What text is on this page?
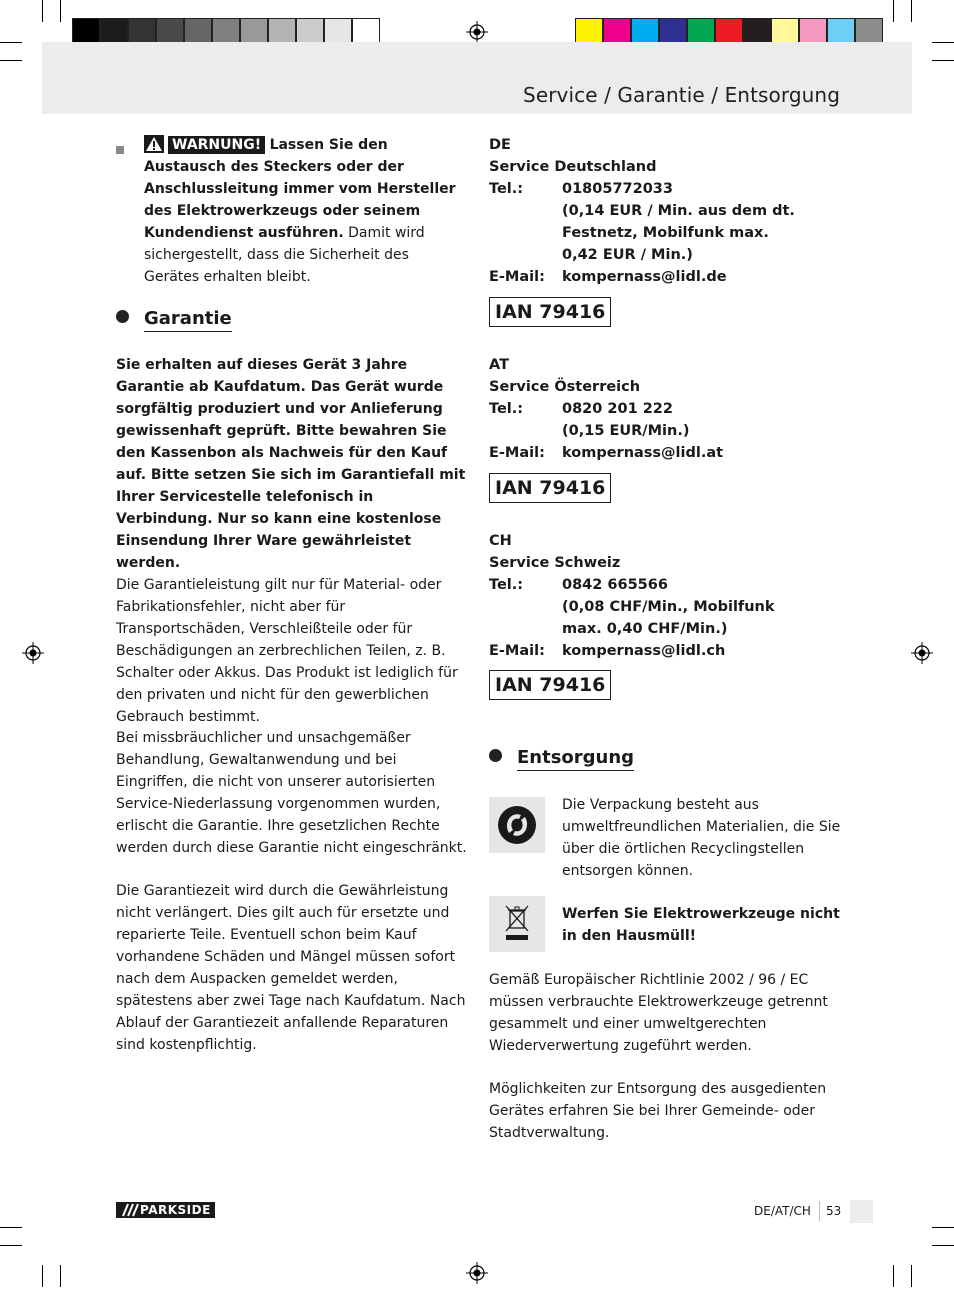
Service / Garantie / Entsorgung
WARNUNG! Lassen Sie den Austausch des Steckers oder der Anschlussleitung immer vom Hersteller des Elektrowerkzeugs oder seinem Kundendienst ausführen. Damit wird sichergestellt, dass die Sicherheit des Gerätes erhalten bleibt.
Garantie
Sie erhalten auf dieses Gerät 3 Jahre Garantie ab Kaufdatum. Das Gerät wurde sorgfältig produziert und vor Anlieferung gewissenhaft geprüft. Bitte bewahren Sie den Kassenbon als Nachweis für den Kauf auf. Bitte setzen Sie sich im Garantiefall mit Ihrer Servicestelle telefonisch in Verbindung. Nur so kann eine kostenlose Einsendung Ihrer Ware gewährleistet werden.
Die Garantieleistung gilt nur für Material- oder Fabrikationsfehler, nicht aber für Transportschäden, Verschleißteile oder für Beschädigungen an zerbrechlichen Teilen, z. B. Schalter oder Akkus. Das Produkt ist lediglich für den privaten und nicht für den gewerblichen Gebrauch bestimmt.
Bei missbräuchlicher und unsachgemäßer Behandlung, Gewaltanwendung und bei Eingriffen, die nicht von unserer autorisierten Service-Niederlassung vorgenommen wurden, erlischt die Garantie. Ihre gesetzlichen Rechte werden durch diese Garantie nicht eingeschränkt.
Die Garantiezeit wird durch die Gewährleistung nicht verlängert. Dies gilt auch für ersetzte und reparierte Teile. Eventuell schon beim Kauf vorhandene Schäden und Mängel müssen sofort nach dem Auspacken gemeldet werden, spätestens aber zwei Tage nach Kaufdatum. Nach Ablauf der Garantiezeit anfallende Reparaturen sind kostenpflichtig.
DE
Service Deutschland
Tel.:	01805772033
(0,14 EUR / Min. aus dem dt.
Festnetz, Mobilfunk max.
0,42 EUR / Min.)
E-Mail: kompernass@lidl.de
IAN 79416
AT
Service Österreich
Tel.:	0820 201 222
(0,15 EUR/Min.)
E-Mail: kompernass@lidl.at
IAN 79416
CH
Service Schweiz
Tel.:	0842 665566
(0,08 CHF/Min., Mobilfunk
max. 0,40 CHF/Min.)
E-Mail: kompernass@lidl.ch
IAN 79416
Entsorgung
Die Verpackung besteht aus umweltfreundlichen Materialien, die Sie über die örtlichen Recyclingstellen entsorgen können.
Werfen Sie Elektrowerkzeuge nicht in den Hausmüll!
Gemäß Europäischer Richtlinie 2002 / 96 / EC müssen verbrauchte Elektrowerkzeuge getrennt gesammelt und einer umweltgerechten Wiederverwertung zugeführt werden.
Möglichkeiten zur Entsorgung des ausgedienten Gerätes erfahren Sie bei Ihrer Gemeinde- oder Stadtverwaltung.
PARKSIDE	DE/AT/CH 53
